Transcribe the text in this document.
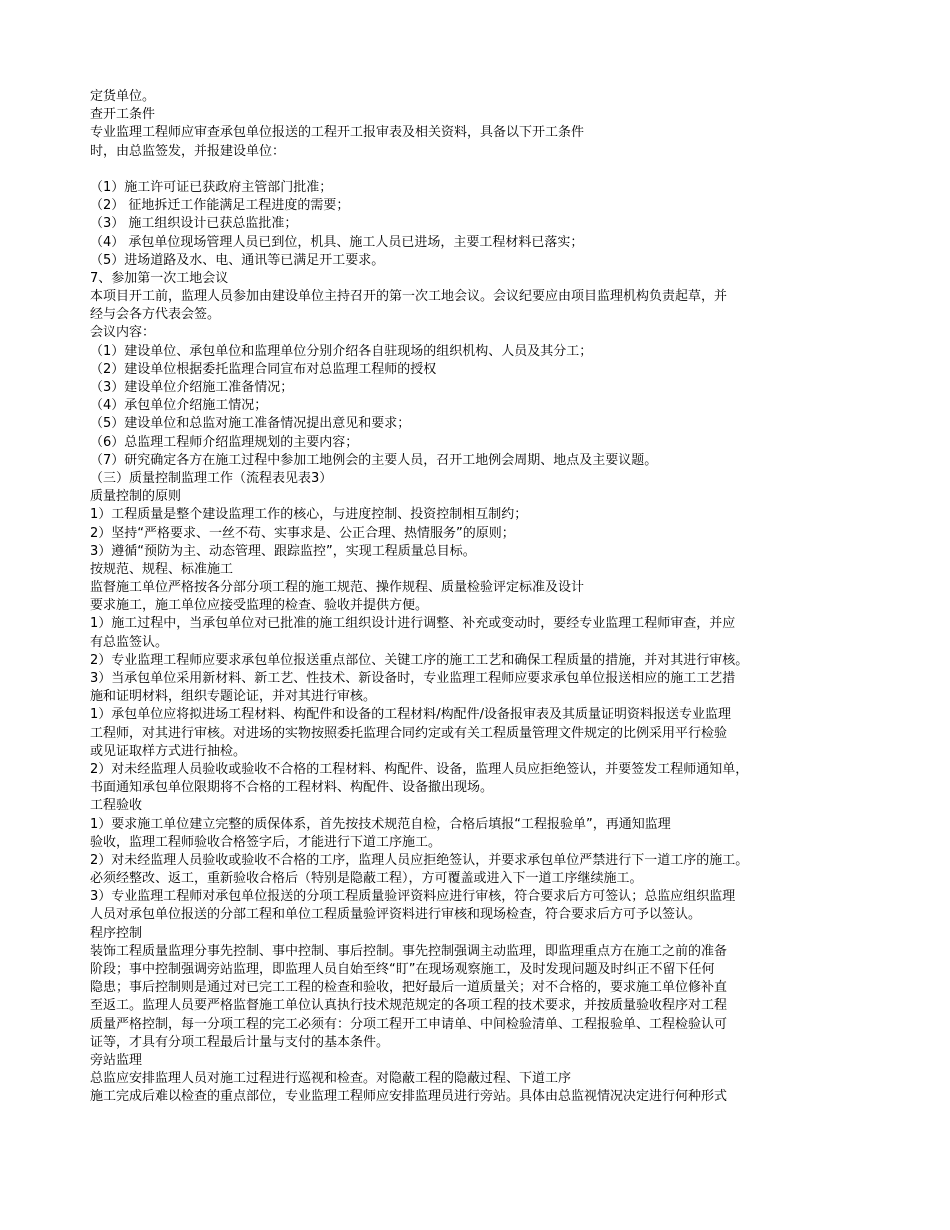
定货单位。
查开工条件
专业监理工程师应审查承包单位报送的工程开工报审表及相关资料，具备以下开工条件
时，由总监签发，并报建设单位：
（1）施工许可证已获政府主管部门批准；
（2） 征地拆迁工作能满足工程进度的需要；
（3） 施工组织设计已获总监批准；
（4） 承包单位现场管理人员已到位，机具、施工人员已进场，主要工程材料已落实；
（5）进场道路及水、电、通讯等已满足开工要求。
7、参加第一次工地会议
本项目开工前，监理人员参加由建设单位主持召开的第一次工地会议。会议纪要应由项目监理机构负责起草，并
经与会各方代表会签。
会议内容：
（1）建设单位、承包单位和监理单位分别介绍各自驻现场的组织机构、人员及其分工；
（2）建设单位根据委托监理合同宣布对总监理工程师的授权
（3）建设单位介绍施工准备情况；
（4）承包单位介绍施工情况；
（5）建设单位和总监对施工准备情况提出意见和要求；
（6）总监理工程师介绍监理规划的主要内容；
（7）研究确定各方在施工过程中参加工地例会的主要人员，召开工地例会周期、地点及主要议题。
（三）质量控制监理工作（流程表见表3）
质量控制的原则
1）工程质量是整个建设监理工作的核心，与进度控制、投资控制相互制约；
2）坚持“严格要求、一丝不苟、实事求是、公正合理、热情服务”的原则；
3）遵循“预防为主、动态管理、跟踪监控”，实现工程质量总目标。
按规范、规程、标准施工
监督施工单位严格按各分部分项工程的施工规范、操作规程、质量检验评定标准及设计
要求施工，施工单位应接受监理的检查、验收并提供方便。
1）施工过程中，当承包单位对已批准的施工组织设计进行调整、补充或变动时，要经专业监理工程师审查，并应
有总监签认。
2）专业监理工程师应要求承包单位报送重点部位、关键工序的施工工艺和确保工程质量的措施，并对其进行审核。
3）当承包单位采用新材料、新工艺、性技术、新设备时，专业监理工程师应要求承包单位报送相应的施工工艺措
施和证明材料，组织专题论证，并对其进行审核。
1）承包单位应将拟进场工程材料、构配件和设备的工程材料/构配件/设备报审表及其质量证明资料报送专业监理
工程师，对其进行审核。对进场的实物按照委托监理合同约定或有关工程质量管理文件规定的比例采用平行检验
或见证取样方式进行抽检。
2）对未经监理人员验收或验收不合格的工程材料、构配件、设备，监理人员应拒绝签认，并要签发工程师通知单，
书面通知承包单位限期将不合格的工程材料、构配件、设备撤出现场。
工程验收
1）要求施工单位建立完整的质保体系，首先按技术规范自检，合格后填报“工程报验单”，再通知监理
验收，监理工程师验收合格签字后，才能进行下道工序施工。
2）对未经监理人员验收或验收不合格的工序，监理人员应拒绝签认，并要求承包单位严禁进行下一道工序的施工。
必须经整改、返工，重新验收合格后（特别是隐蔽工程），方可覆盖或进入下一道工序继续施工。
3）专业监理工程师对承包单位报送的分项工程质量验评资料应进行审核，符合要求后方可签认；总监应组织监理
人员对承包单位报送的分部工程和单位工程质量验评资料进行审核和现场检查，符合要求后方可予以签认。
程序控制
装饰工程质量监理分事先控制、事中控制、事后控制。事先控制强调主动监理，即监理重点方在施工之前的准备
阶段；事中控制强调旁站监理，即监理人员自始至终“盯”在现场观察施工，及时发现问题及时纠正不留下任何
隐患；事后控制则是通过对已完工工程的检查和验收，把好最后一道质量关；对不合格的，要求施工单位修补直
至返工。监理人员要严格监督施工单位认真执行技术规范规定的各项工程的技术要求，并按质量验收程序对工程
质量严格控制，每一分项工程的完工必须有：分项工程开工申请单、中间检验清单、工程报验单、工程检验认可
证等，才具有分项工程最后计量与支付的基本条件。
旁站监理
总监应安排监理人员对施工过程进行巡视和检查。对隐蔽工程的隐蔽过程、下道工序
施工完成后难以检查的重点部位，专业监理工程师应安排监理员进行旁站。具体由总监视情况决定进行何种形式
